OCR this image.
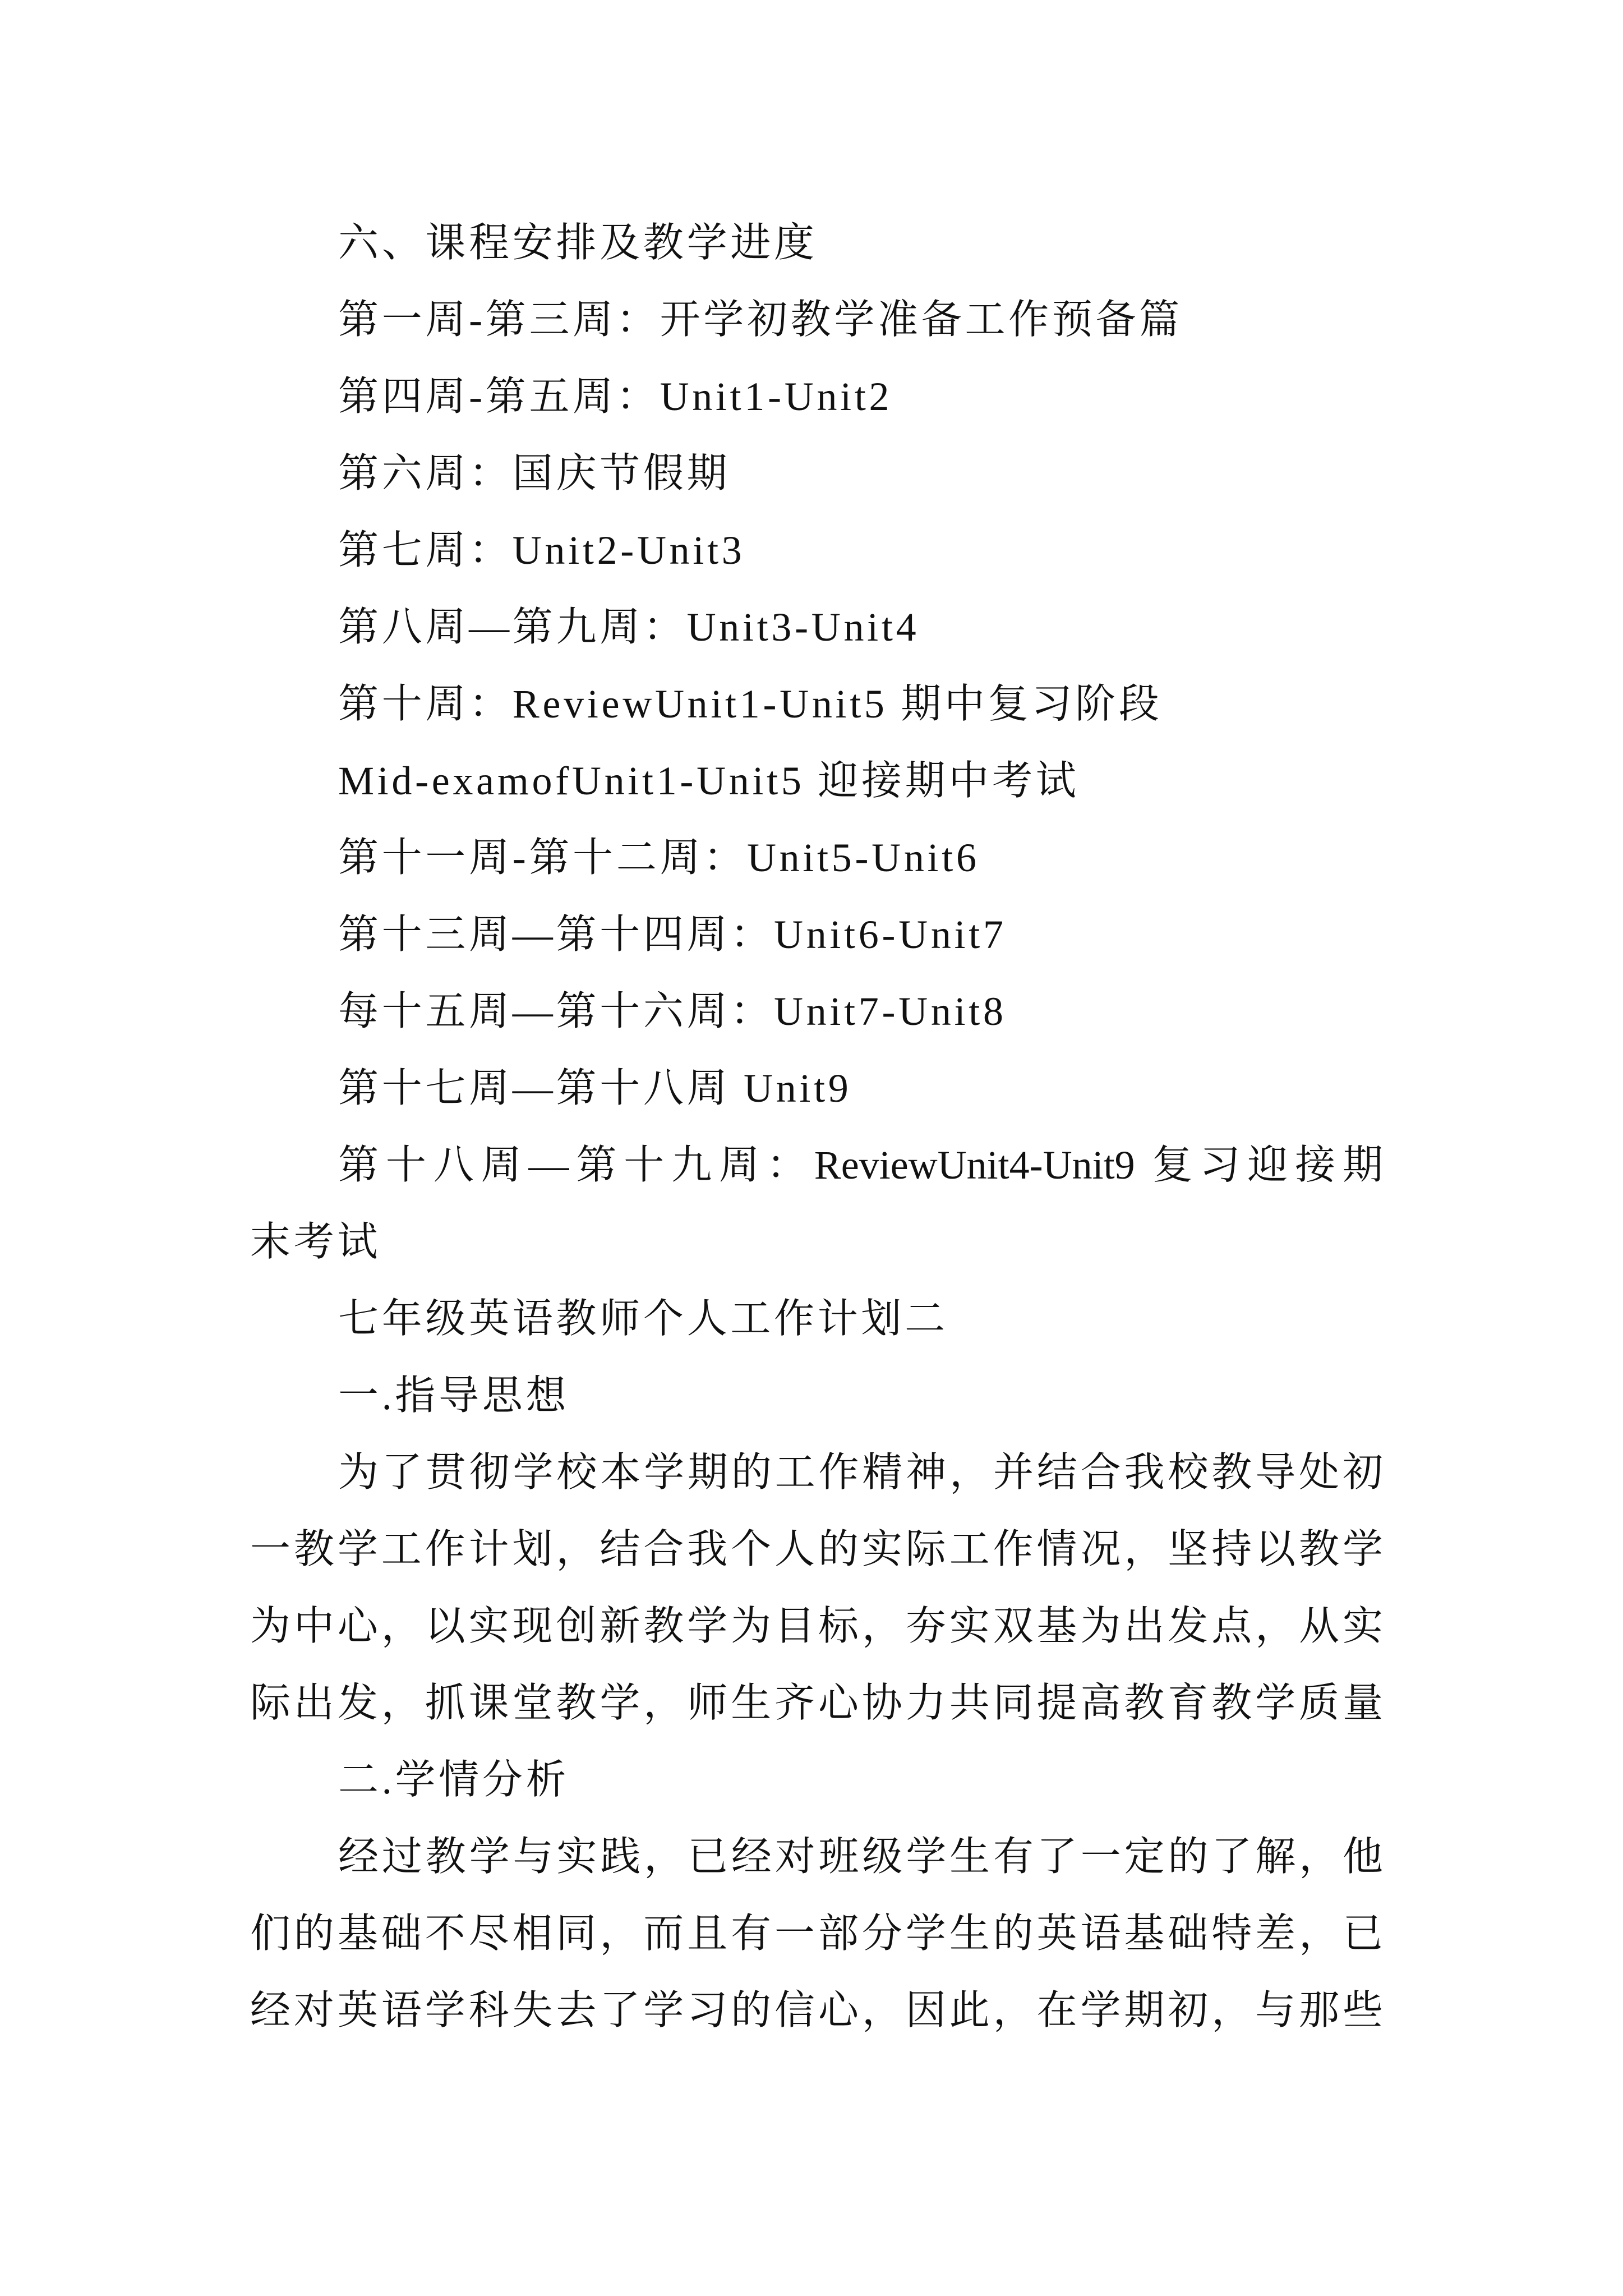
六、课程安排及教学进度
第一周-第三周：开学初教学准备工作预备篇
第四周-第五周：Unit1-Unit2
第六周：国庆节假期
第七周：Unit2-Unit3
第八周—第九周：Unit3-Unit4
第十周：ReviewUnit1-Unit5 期中复习阶段
Mid-examofUnit1-Unit5 迎接期中考试
第十一周-第十二周：Unit5-Unit6
第十三周—第十四周：Unit6-Unit7
每十五周—第十六周：Unit7-Unit8
第十七周—第十八周 Unit9
第十八周—第十九周：ReviewUnit4-Unit9 复习迎接期
末考试
七年级英语教师个人工作计划二
一.指导思想
为了贯彻学校本学期的工作精神，并结合我校教导处初
一教学工作计划，结合我个人的实际工作情况，坚持以教学
为中心，以实现创新教学为目标，夯实双基为出发点，从实
际出发，抓课堂教学，师生齐心协力共同提高教育教学质量
二.学情分析
经过教学与实践，已经对班级学生有了一定的了解，他
们的基础不尽相同，而且有一部分学生的英语基础特差，已
经对英语学科失去了学习的信心，因此，在学期初，与那些
